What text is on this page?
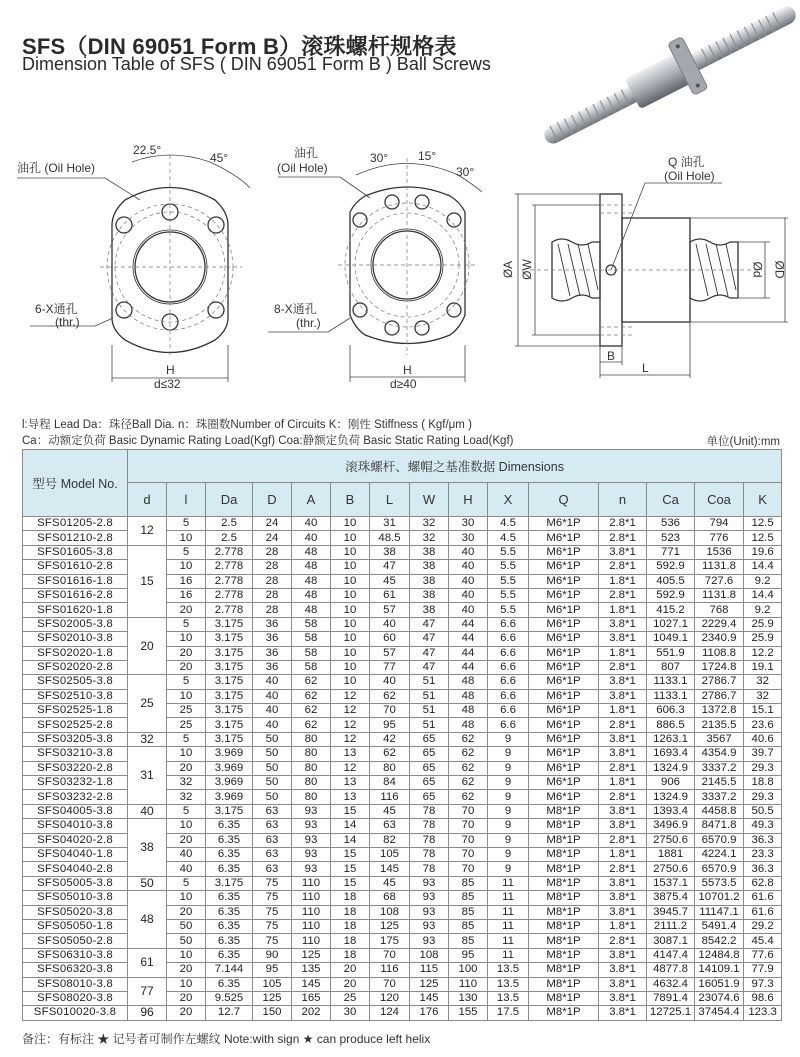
SFS（DIN 69051 Form B）滚珠螺杆规格表
Dimension Table of SFS ( DIN 69051 Form B ) Ball Screws
油孔 (Oil Hole)
22.5°
45°
6-X通孔
(thr.)
H
d≤32
油孔
(Oil Hole)
30° 15°
30°
8-X通孔
(thr.)
H
d≥40
Q 油孔
(Oil Hole)
ØA ØW	Ød ØD
B
L
l:导程 Lead Da：珠径Ball Dia. n：珠圈数Number of Circuits K：刚性 Stiffness ( Kgf/μm )
Ca：动额定负荷 Basic Dynamic Rating Load(Kgf) Coa:静额定负荷 Basic Static Rating Load(Kgf)	单位(Unit):mm
型号 Model No.	滚珠螺杆、螺帽之基准数据 Dimensions														
	d	l	Da	D	A	B	L	W	H	X	Q	n	Ca	Coa	K
SFS01205-2.8	12	5	2.5	24	40	10	31	32	30	4.5	M6*1P	2.8*1	536	794	12.5
SFS01210-2.8		10	2.5	24	40	10	48.5	32	30	4.5	M6*1P	2.8*1	523	776	12.5
SFS01605-3.8	15	5	2.778	28	48	10	38	38	40	5.5	M6*1P	3.8*1	771	1536	19.6
SFS01610-2.8		10	2.778	28	48	10	47	38	40	5.5	M6*1P	2.8*1	592.9	1131.8	14.4
SFS01616-1.8		16	2.778	28	48	10	45	38	40	5.5	M6*1P	1.8*1	405.5	727.6	9.2
SFS01616-2.8		16	2.778	28	48	10	61	38	40	5.5	M6*1P	2.8*1	592.9	1131.8	14.4
SFS01620-1.8		20	2.778	28	48	10	57	38	40	5.5	M6*1P	1.8*1	415.2	768	9.2
SFS02005-3.8	20	5	3.175	36	58	10	40	47	44	6.6	M6*1P	3.8*1	1027.1	2229.4	25.9
SFS02010-3.8		10	3.175	36	58	10	60	47	44	6.6	M6*1P	3.8*1	1049.1	2340.9	25.9
SFS02020-1.8		20	3.175	36	58	10	57	47	44	6.6	M6*1P	1.8*1	551.9	1108.8	12.2
SFS02020-2.8		20	3.175	36	58	10	77	47	44	6.6	M6*1P	2.8*1	807	1724.8	19.1
SFS02505-3.8	25	5	3.175	40	62	10	40	51	48	6.6	M6*1P	3.8*1	1133.1	2786.7	32
SFS02510-3.8		10	3.175	40	62	12	62	51	48	6.6	M6*1P	3.8*1	1133.1	2786.7	32
SFS02525-1.8		25	3.175	40	62	12	70	51	48	6.6	M6*1P	1.8*1	606.3	1372.8	15.1
SFS02525-2.8		25	3.175	40	62	12	95	51	48	6.6	M6*1P	2.8*1	886.5	2135.5	23.6
SFS03205-3.8	32	5	3.175	50	80	12	42	65	62	9	M6*1P	3.8*1	1263.1	3567	40.6
SFS03210-3.8	31	10	3.969	50	80	13	62	65	62	9	M6*1P	3.8*1	1693.4	4354.9	39.7
SFS03220-2.8		20	3.969	50	80	12	80	65	62	9	M6*1P	2.8*1	1324.9	3337.2	29.3
SFS03232-1.8		32	3.969	50	80	13	84	65	62	9	M6*1P	1.8*1	906	2145.5	18.8
SFS03232-2.8		32	3.969	50	80	13	116	65	62	9	M6*1P	2.8*1	1324.9	3337.2	29.3
SFS04005-3.8	40	5	3.175	63	93	15	45	78	70	9	M8*1P	3.8*1	1393.4	4458.8	50.5
SFS04010-3.8	38	10	6.35	63	93	14	63	78	70	9	M8*1P	3.8*1	3496.9	8471.8	49.3
SFS04020-2.8		20	6.35	63	93	14	82	78	70	9	M8*1P	2.8*1	2750.6	6570.9	36.3
SFS04040-1.8		40	6.35	63	93	15	105	78	70	9	M8*1P	1.8*1	1881	4224.1	23.3
SFS04040-2.8		40	6.35	63	93	15	145	78	70	9	M8*1P	2.8*1	2750.6	6570.9	36.3
SFS05005-3.8	50	5	3.175	75	110	15	45	93	85	11	M8*1P	3.8*1	1537.1	5573.5	62.8
SFS05010-3.8	48	10	6.35	75	110	18	68	93	85	11	M8*1P	3.8*1	3875.4	10701.2	61.6
SFS05020-3.8		20	6.35	75	110	18	108	93	85	11	M8*1P	3.8*1	3945.7	11147.1	61.6
SFS05050-1.8		50	6.35	75	110	18	125	93	85	11	M8*1P	1.8*1	2111.2	5491.4	29.2
SFS05050-2.8		50	6.35	75	110	18	175	93	85	11	M8*1P	2.8*1	3087.1	8542.2	45.4
SFS06310-3.8	61	10	6.35	90	125	18	70	108	95	11	M8*1P	3.8*1	4147.4	12484.8	77.6
SFS06320-3.8		20	7.144	95	135	20	116	115	100	13.5	M8*1P	3.8*1	4877.8	14109.1	77.9
SFS08010-3.8	77	10	6.35	105	145	20	70	125	110	13.5	M8*1P	3.8*1	4632.4	16051.9	97.3
SFS08020-3.8		20	9.525	125	165	25	120	145	130	13.5	M8*1P	3.8*1	7891.4	23074.6	98.6
SFS010020-3.8	96	20	12.7	150	202	30	124	176	155	17.5	M8*1P	3.8*1	12725.1	37454.4	123.3
备注：有标注 ★ 记号者可制作左螺纹 Note:with sign ★ can produce left helix
